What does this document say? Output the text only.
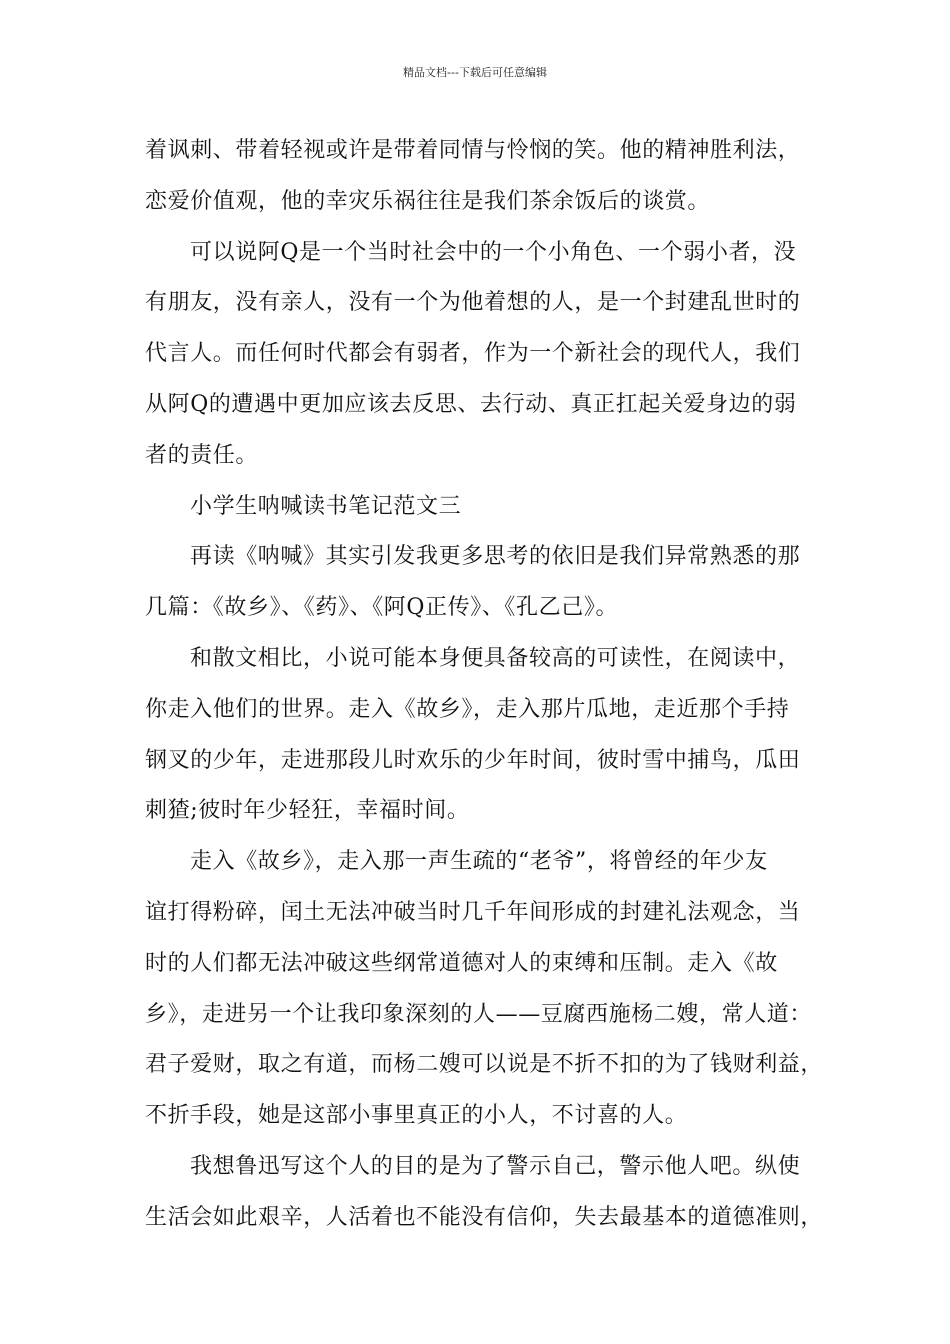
精品文档---下载后可任意编辑
着讽刺、带着轻视或许是带着同情与怜悯的笑。他的精神胜利法，
恋爱价值观，他的幸灾乐祸往往是我们茶余饭后的谈赏。
可以说阿Q是一个当时社会中的一个小角色、一个弱小者，没
有朋友，没有亲人，没有一个为他着想的人，是一个封建乱世时的
代言人。而任何时代都会有弱者，作为一个新社会的现代人，我们
从阿Q的遭遇中更加应该去反思、去行动、真正扛起关爱身边的弱
者的责任。
小学生呐喊读书笔记范文三
再读《呐喊》其实引发我更多思考的依旧是我们异常熟悉的那
几篇：《故乡》、《药》、《阿Q正传》、《孔乙己》。
和散文相比，小说可能本身便具备较高的可读性，在阅读中，
你走入他们的世界。走入《故乡》，走入那片瓜地，走近那个手持
钢叉的少年，走进那段儿时欢乐的少年时间，彼时雪中捕鸟，瓜田
刺猹;彼时年少轻狂，幸福时间。
走入《故乡》，走入那一声生疏的“老爷”，将曾经的年少友
谊打得粉碎，闰土无法冲破当时几千年间形成的封建礼法观念，当
时的人们都无法冲破这些纲常道德对人的束缚和压制。走入《故
乡》，走进另一个让我印象深刻的人——豆腐西施杨二嫂，常人道：
君子爱财，取之有道，而杨二嫂可以说是不折不扣的为了钱财利益，
不折手段，她是这部小事里真正的小人，不讨喜的人。
我想鲁迅写这个人的目的是为了警示自己，警示他人吧。纵使
生活会如此艰辛，人活着也不能没有信仰，失去最基本的道德准则，
